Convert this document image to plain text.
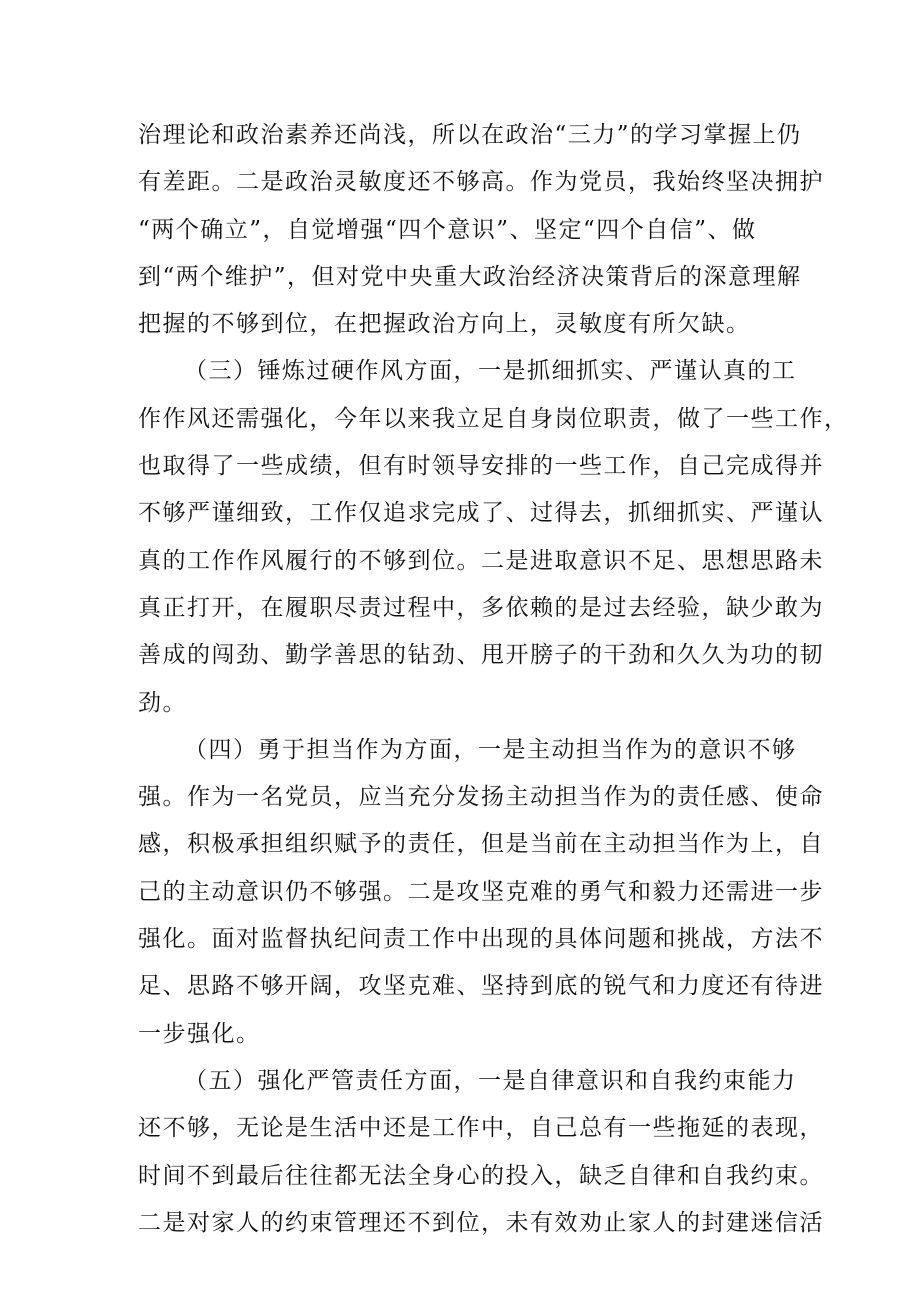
治理论和政治素养还尚浅，所以在政治“三力”的学习掌握上仍
有差距。二是政治灵敏度还不够高。作为党员，我始终坚决拥护
“两个确立”，自觉增强“四个意识”、坚定“四个自信”、做
到“两个维护”，但对党中央重大政治经济决策背后的深意理解
把握的不够到位，在把握政治方向上，灵敏度有所欠缺。

（三）锤炼过硬作风方面，一是抓细抓实、严谨认真的工
作作风还需强化，今年以来我立足自身岗位职责，做了一些工作，
也取得了一些成绩，但有时领导安排的一些工作，自己完成得并
不够严谨细致，工作仅追求完成了、过得去，抓细抓实、严谨认
真的工作作风履行的不够到位。二是进取意识不足、思想思路未
真正打开，在履职尽责过程中，多依赖的是过去经验，缺少敢为
善成的闯劲、勤学善思的钻劲、甩开膀子的干劲和久久为功的韧
劲。

（四）勇于担当作为方面，一是主动担当作为的意识不够
强。作为一名党员，应当充分发扬主动担当作为的责任感、使命
感，积极承担组织赋予的责任，但是当前在主动担当作为上，自
己的主动意识仍不够强。二是攻坚克难的勇气和毅力还需进一步
强化。面对监督执纪问责工作中出现的具体问题和挑战，方法不
足、思路不够开阔，攻坚克难、坚持到底的锐气和力度还有待进
一步强化。

（五）强化严管责任方面，一是自律意识和自我约束能力
还不够，无论是生活中还是工作中，自己总有一些拖延的表现，
时间不到最后往往都无法全身心的投入，缺乏自律和自我约束。
二是对家人的约束管理还不到位，未有效劝止家人的封建迷信活
